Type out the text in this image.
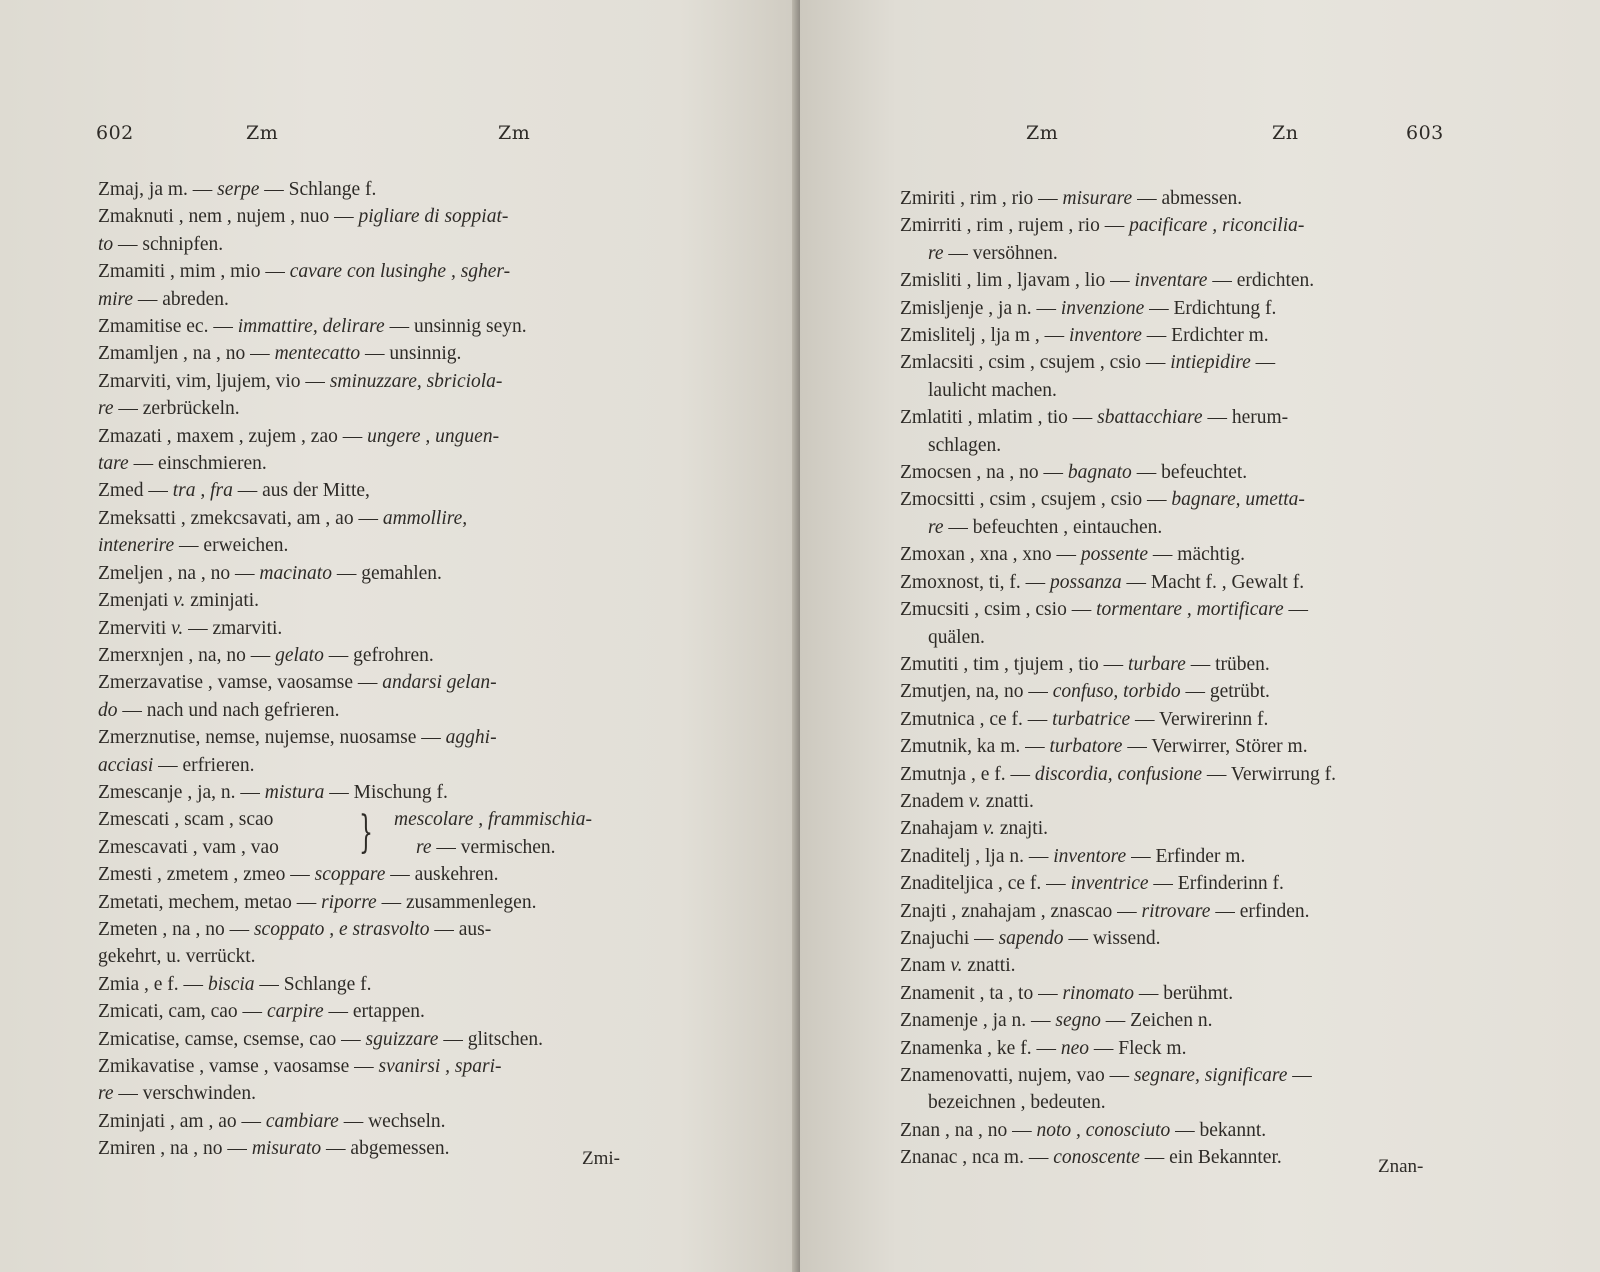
602	Zm	Zm
Zmaj, ja m. — serpe — Schlange f.
Zmaknuti , nem , nujem , nuo — pigliare di soppiat-
to — schnipfen.
Zmamiti , mim , mio — cavare con lusinghe , sgher-
mire — abreden.
Zmamitise ec. — immattire, delirare — unsinnig seyn.
Zmamljen , na , no — mentecatto — unsinnig.
Zmarviti, vim, ljujem, vio — sminuzzare, sbriciola-
re — zerbrückeln.
Zmazati , maxem , zujem , zao — ungere , unguen-
tare — einschmieren.
Zmed — tra , fra — aus der Mitte,
Zmeksatti , zmekcsavati, am , ao — ammollire,
intenerire — erweichen.
Zmeljen , na , no — macinato — gemahlen.
Zmenjati v. zminjati.
Zmerviti v. — zmarviti.
Zmerxnjen , na, no — gelato — gefrohren.
Zmerzavatise , vamse, vaosamse — andarsi gelan-
do — nach und nach gefrieren.
Zmerznutise, nemse, nujemse, nuosamse — agghi-
acciasi — erfrieren.
Zmescanje , ja, n. — mistura — Mischung f.
Zmescati , scam , scao
Zmescavati , vam , vao } mescolare , frammischia-
re — vermischen.
Zmesti , zmetem , zmeo — scoppare — auskehren.
Zmetati, mechem, metao — riporre — zusammenlegen.
Zmeten , na , no — scoppato , e strasvolto — aus-
gekehrt, u. verrückt.
Zmia , e f. — biscia — Schlange f.
Zmicati, cam, cao — carpire — ertappen.
Zmicatise, camse, csemse, cao — sguizzare — glitschen.
Zmikavatise , vamse , vaosamse — svanirsi , spari-
re — verschwinden.
Zminjati , am , ao — cambiare — wechseln.
Zmiren , na , no — misurato — abgemessen.	Zmi-
Zm	Zn	603
Zmiriti , rim , rio — misurare — abmessen.
Zmirriti , rim , rujem , rio — pacificare , riconcilia-
re — versöhnen.
Zmisliti , lim , ljavam , lio — inventare — erdichten.
Zmisljenje , ja n. — invenzione — Erdichtung f.
Zmislitelj , lja m , — inventore — Erdichter m.
Zmlacsiti , csim , csujem , csio — intiepidire —
laulicht machen.
Zmlatiti , mlatim , tio — sbattacchiare — herum-
schlagen.
Zmocsen , na , no — bagnato — befeuchtet.
Zmocsitti , csim , csujem , csio — bagnare, umetta-
re — befeuchten , eintauchen.
Zmoxan , xna , xno — possente — mächtig.
Zmoxnost, ti, f. — possanza — Macht f. , Gewalt f.
Zmucsiti , csim , csio — tormentare , mortificare —
quälen.
Zmutiti , tim , tjujem , tio — turbare — trüben.
Zmutjen, na, no — confuso, torbido — getrübt.
Zmutnica , ce f. — turbatrice — Verwirerinn f.
Zmutnik, ka m. — turbatore — Verwirrer, Störer m.
Zmutnja , e f. — discordia, confusione — Verwirrung f.
Znadem v. znatti.
Znahajam v. znajti.
Znaditelj , lja n. — inventore — Erfinder m.
Znaditeljica , ce f. — inventrice — Erfinderinn f.
Znajti , znahajam , znascao — ritrovare — erfinden.
Znajuchi — sapendo — wissend.
Znam v. znatti.
Znamenit , ta , to — rinomato — berühmt.
Znamenje , ja n. — segno — Zeichen n.
Znamenka , ke f. — neo — Fleck m.
Znamenovatti, nujem, vao — segnare, significare —
bezeichnen , bedeuten.
Znan , na , no — noto , conosciuto — bekannt.
Znanac , nca m. — conoscente — ein Bekannter.	Znan-
